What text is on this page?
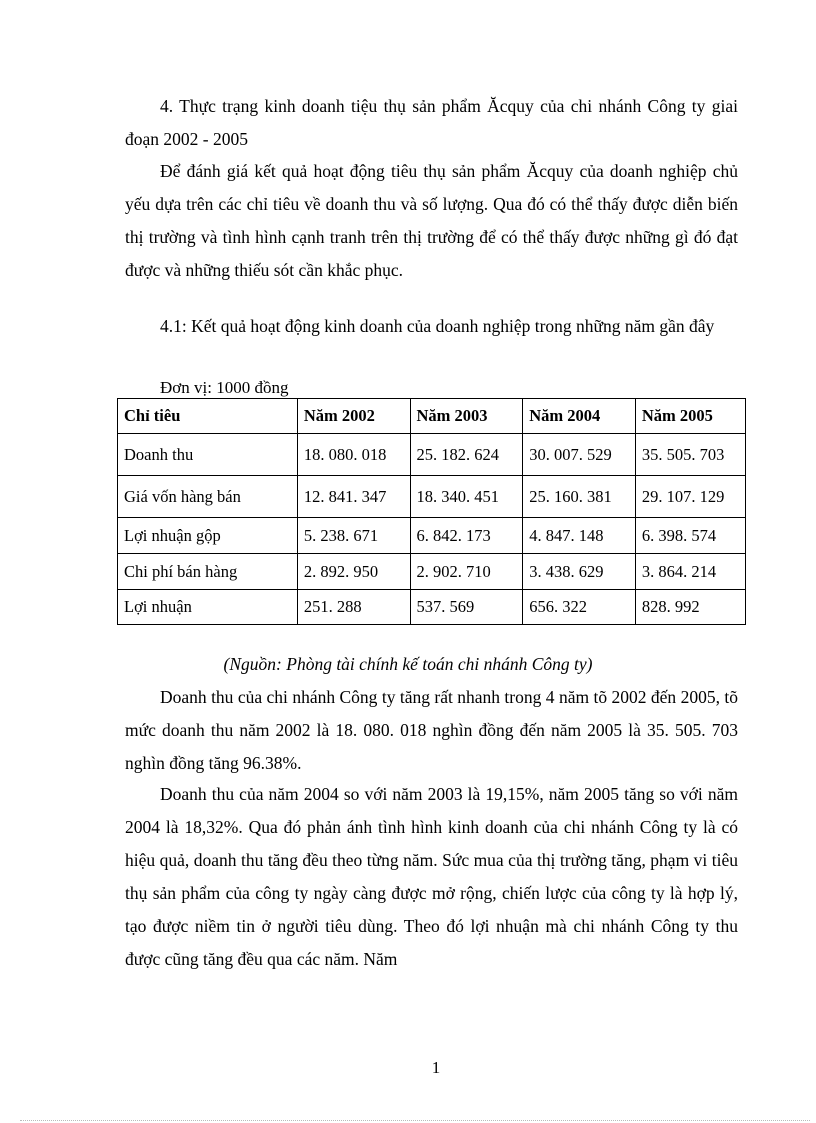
4. Thực trạng kinh doanh tiệu thụ sản phẩm Ăcquy của chi nhánh Công ty giai đoạn 2002 - 2005

Để đánh giá kết quả hoạt động tiêu thụ sản phẩm Ăcquy của doanh nghiệp chủ yếu dựa trên các chỉ tiêu về doanh thu và số lượng. Qua đó có thể thấy được diễn biến thị trường và tình hình cạnh tranh trên thị trường để có thể thấy được những gì đó đạt được và những thiếu sót cần khắc phục.

4.1: Kết quả hoạt động kinh doanh của doanh nghiệp trong những năm gần đây

Đơn vị: 1000 đồng

Chỉ tiêu	Năm 2002	Năm 2003	Năm 2004	Năm 2005
Doanh thu	18. 080. 018	25. 182. 624	30. 007. 529	35. 505. 703
Giá vốn hàng bán	12. 841. 347	18. 340. 451	25. 160. 381	29. 107. 129
Lợi nhuận gộp	5. 238. 671	6. 842. 173	4. 847. 148	6. 398. 574
Chi phí bán hàng	2. 892. 950	2. 902. 710	3. 438. 629	3. 864. 214
Lợi nhuận	251. 288	537. 569	656. 322	828. 992

(Nguồn: Phòng tài chính kế toán chi nhánh Công ty)

Doanh thu của chi nhánh Công ty tăng rất nhanh trong 4 năm tõ 2002 đến 2005, tõ mức doanh thu năm 2002 là 18. 080. 018 nghìn đồng đến năm 2005 là 35. 505. 703 nghìn đồng tăng 96.38%.

Doanh thu của năm 2004 so với năm 2003 là 19,15%, năm 2005 tăng so với năm 2004 là 18,32%. Qua đó phản ánh tình hình kinh doanh của chi nhánh Công ty là có hiệu quả, doanh thu tăng đều theo từng năm. Sức mua của thị trường tăng, phạm vi tiêu thụ sản phẩm của công ty ngày càng được mở rộng, chiến lược của công ty là hợp lý, tạo được niềm tin ở người tiêu dùng. Theo đó lợi nhuận mà chi nhánh Công ty thu được cũng tăng đều qua các năm. Năm

1
